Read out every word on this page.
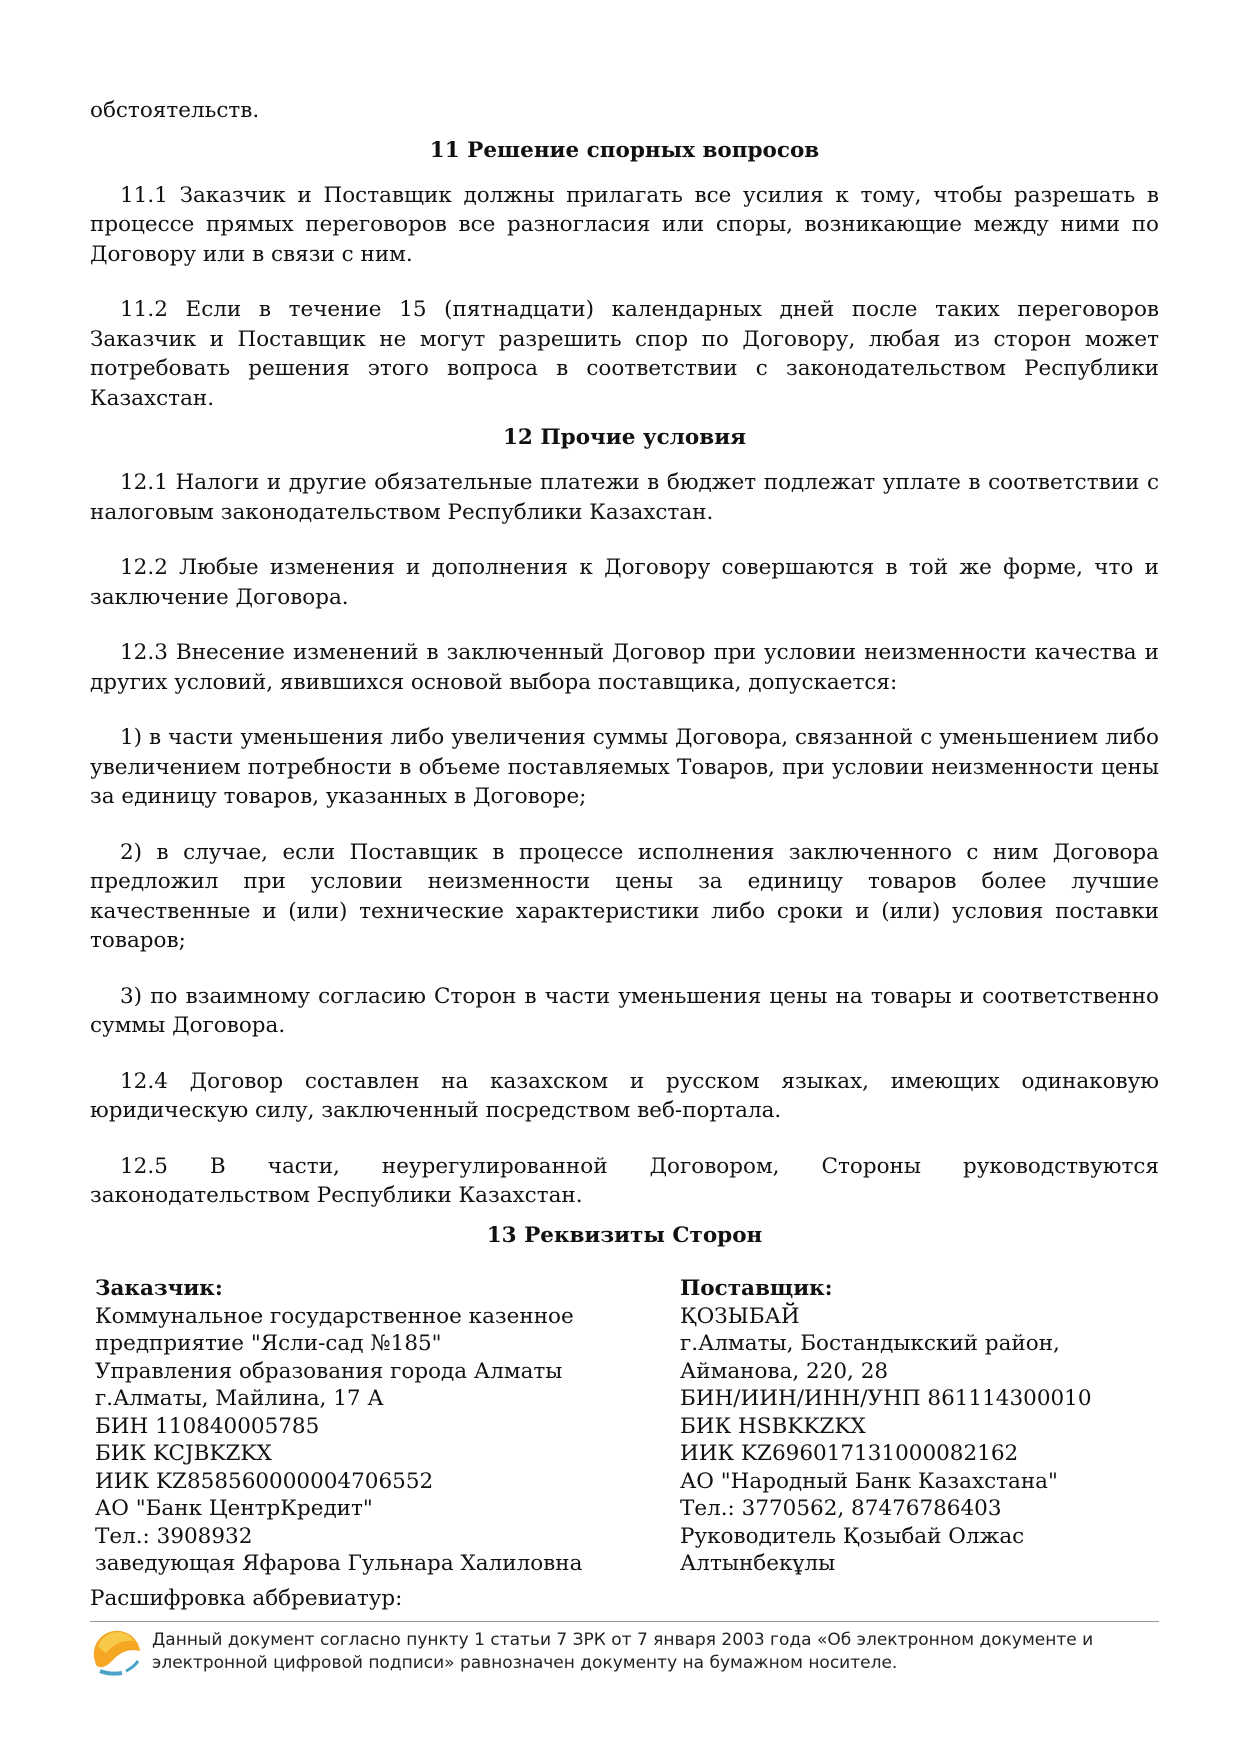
обстоятельств.

11 Решение спорных вопросов

11.1 Заказчик и Поставщик должны прилагать все усилия к тому, чтобы разрешать в процессе прямых переговоров все разногласия или споры, возникающие между ними по Договору или в связи с ним.

11.2 Если в течение 15 (пятнадцати) календарных дней после таких переговоров Заказчик и Поставщик не могут разрешить спор по Договору, любая из сторон может потребовать решения этого вопроса в соответствии с законодательством Республики Казахстан.

12 Прочие условия

12.1 Налоги и другие обязательные платежи в бюджет подлежат уплате в соответствии с налоговым законодательством Республики Казахстан.

12.2 Любые изменения и дополнения к Договору совершаются в той же форме, что и заключение Договора.

12.3 Внесение изменений в заключенный Договор при условии неизменности качества и других условий, явившихся основой выбора поставщика, допускается:

1) в части уменьшения либо увеличения суммы Договора, связанной с уменьшением либо увеличением потребности в объеме поставляемых Товаров, при условии неизменности цены за единицу товаров, указанных в Договоре;

2) в случае, если Поставщик в процессе исполнения заключенного с ним Договора предложил при условии неизменности цены за единицу товаров более лучшие качественные и (или) технические характеристики либо сроки и (или) условия поставки товаров;

3) по взаимному согласию Сторон в части уменьшения цены на товары и соответственно суммы Договора.

12.4 Договор составлен на казахском и русском языках, имеющих одинаковую юридическую силу, заключенный посредством веб-портала.

12.5 В части, неурегулированной Договором, Стороны руководствуются законодательством Республики Казахстан.

13 Реквизиты Сторон

Заказчик:
Коммунальное государственное казенное
предприятие "Ясли-сад №185"
Управления образования города Алматы
г.Алматы, Майлина, 17 А
БИН 110840005785
БИК KCJBKZKX
ИИК KZ858560000004706552
АО "Банк ЦентрКредит"
Тел.: 3908932
заведующая Яфарова Гульнара Халиловна
Поставщик:
ҚОЗЫБАЙ
г.Алматы, Бостандыкский район,
Айманова, 220, 28
БИН/ИИН/ИНН/УНП 861114300010
БИК HSBKKZKX
ИИК KZ696017131000082162
АО "Народный Банк Казахстана"
Тел.: 3770562, 87476786403
Руководитель Қозыбай Олжас
Алтынбекұлы
Расшифровка аббревиатур:
Данный документ согласно пункту 1 статьи 7 ЗРК от 7 января 2003 года «Об электронном документе и электронной цифровой подписи» равнозначен документу на бумажном носителе.
